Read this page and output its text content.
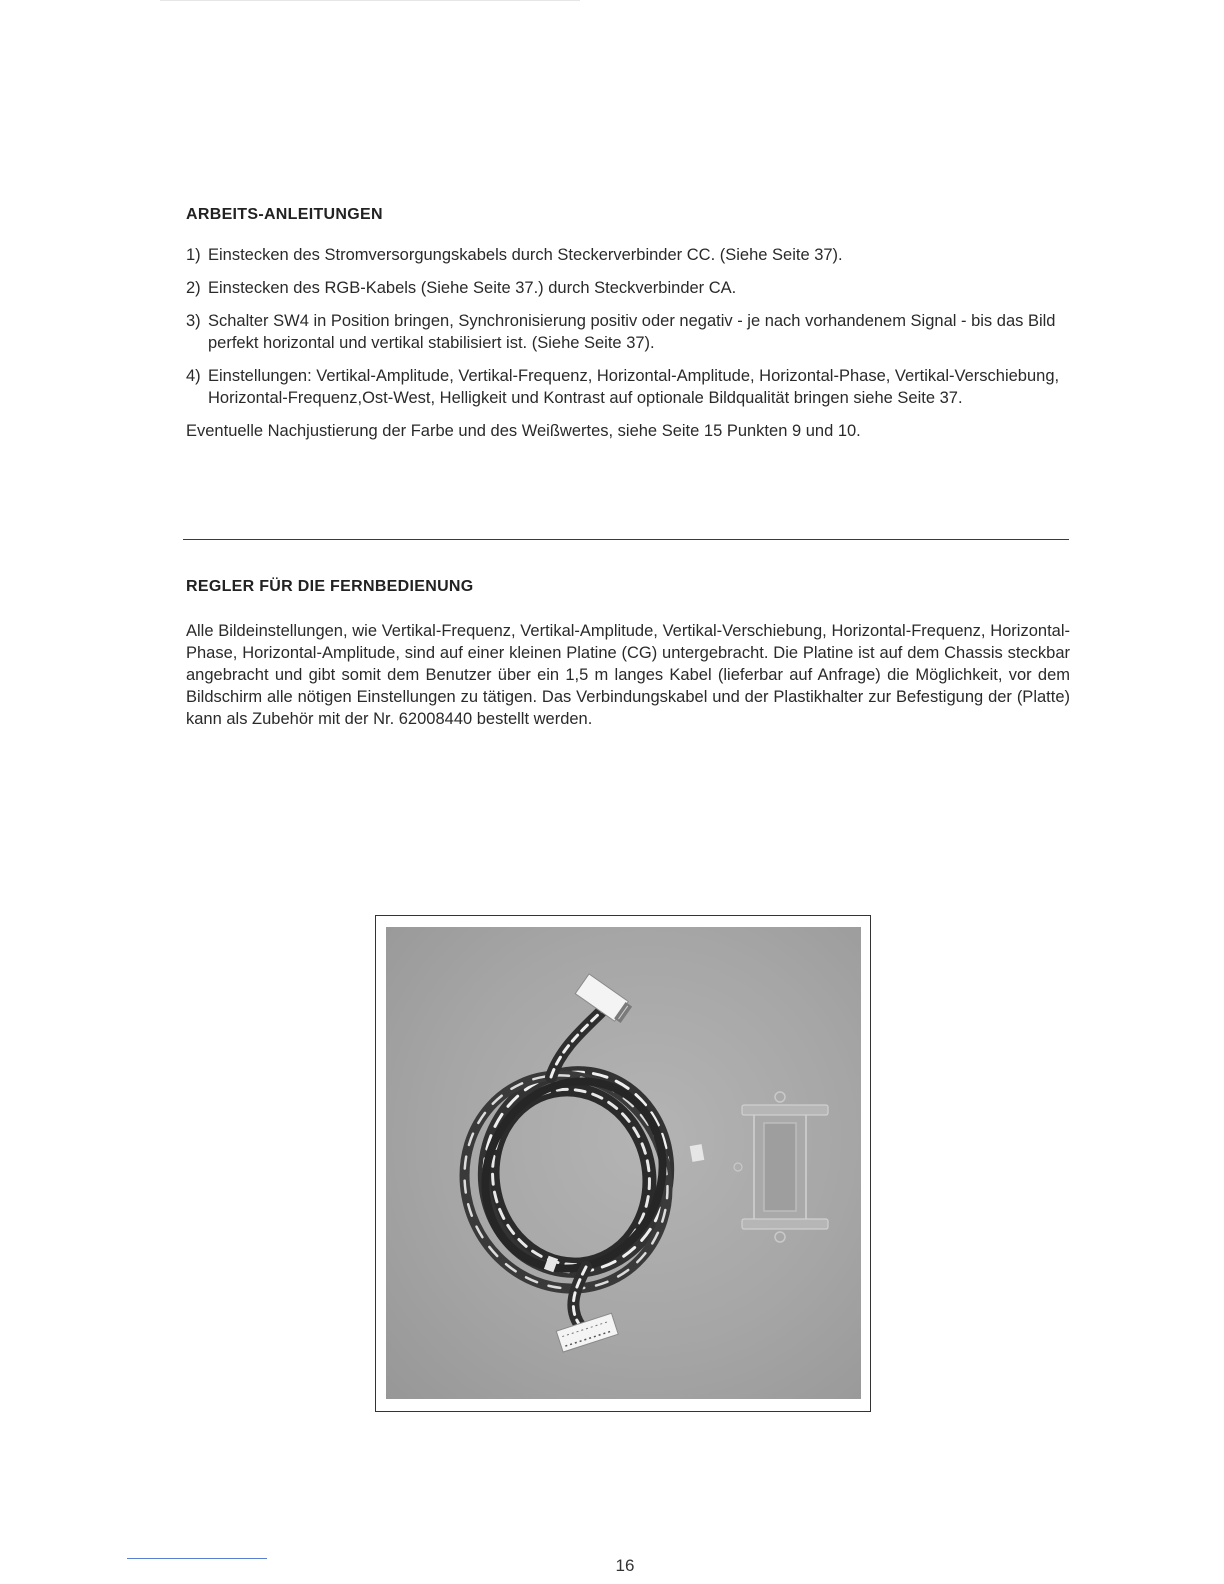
ARBEITS-ANLEITUNGEN
1) Einstecken des Stromversorgungskabels durch Steckerverbinder CC. (Siehe Seite 37).
2) Einstecken des RGB-Kabels (Siehe Seite 37.) durch Steckverbinder CA.
3) Schalter SW4 in Position bringen, Synchronisierung positiv oder negativ - je nach vorhandenem Signal - bis das Bild perfekt horizontal und vertikal stabilisiert ist. (Siehe Seite 37).
4) Einstellungen: Vertikal-Amplitude, Vertikal-Frequenz, Horizontal-Amplitude, Horizontal-Phase, Vertikal-Verschiebung, Horizontal-Frequenz,Ost-West, Helligkeit und Kontrast auf optionale Bildqualität bringen siehe Seite 37.
Eventuelle Nachjustierung der Farbe und des Weißwertes, siehe Seite 15 Punkten 9 und 10.
REGLER FÜR DIE FERNBEDIENUNG

Alle Bildeinstellungen, wie Vertikal-Frequenz, Vertikal-Amplitude, Vertikal-Verschiebung, Horizontal-Frequenz, Horizontal-Phase, Horizontal-Amplitude, sind auf einer kleinen Platine (CG) untergebracht. Die Platine ist auf dem Chassis steckbar angebracht und gibt somit dem Benutzer über ein 1,5 m langes Kabel (lieferbar auf Anfrage) die Möglichkeit, vor dem Bildschirm alle nötigen Einstellungen zu tätigen. Das Verbindungskabel und der Plastikhalter zur Befestigung der (Platte) kann als Zubehör mit der Nr. 62008440 bestellt werden.

16
